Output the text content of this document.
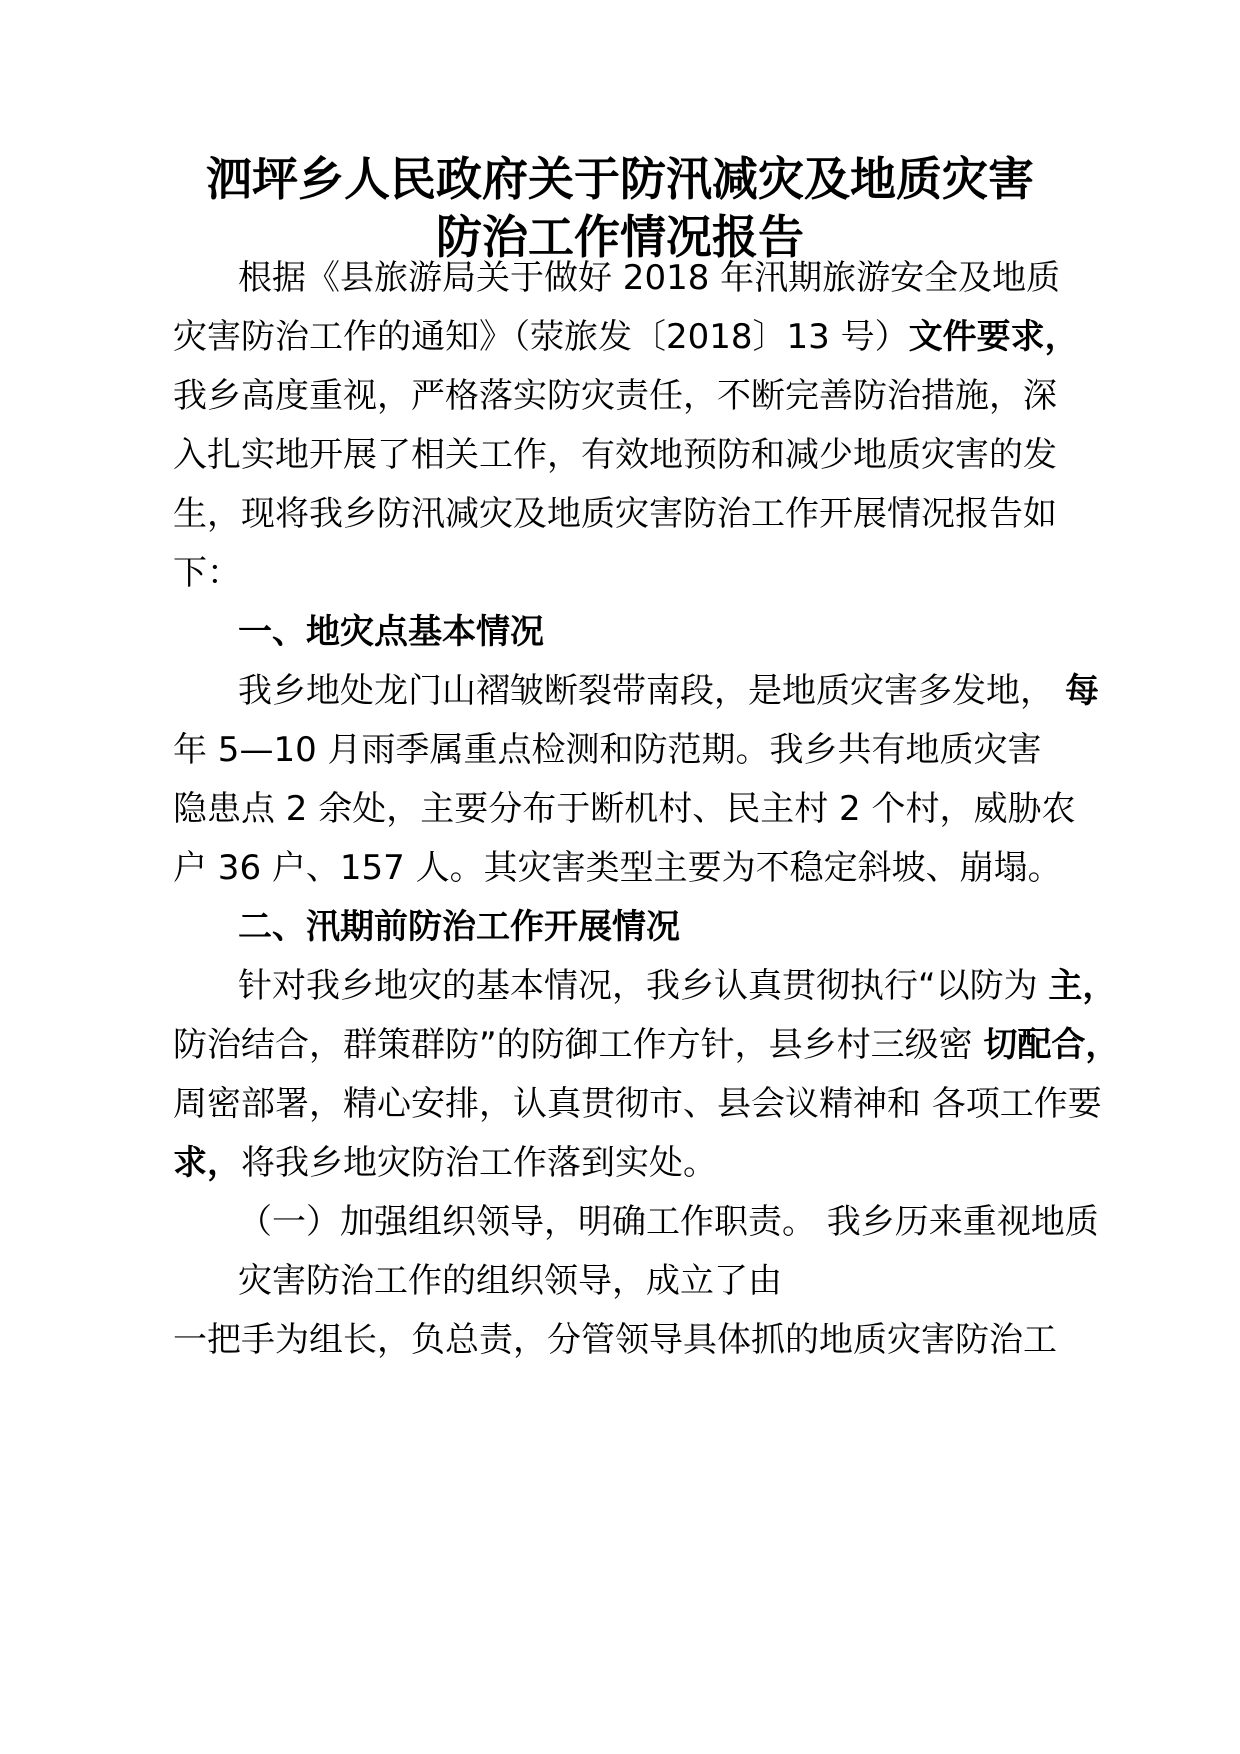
泗坪乡人民政府关于防汛减灾及地质灾害
防治工作情况报告
根据《县旅游局关于做好 2018 年汛期旅游安全及地质
灾害防治工作的通知》（荥旅发〔2018〕13 号）文件要求，
我乡高度重视，严格落实防灾责任，不断完善防治措施，深
入扎实地开展了相关工作，有效地预防和减少地质灾害的发
生，现将我乡防汛减灾及地质灾害防治工作开展情况报告如
下：
一、地灾点基本情况
我乡地处龙门山褶皱断裂带南段，是地质灾害多发地， 每
年 5—10 月雨季属重点检测和防范期。我乡共有地质灾害
隐患点 2 余处，主要分布于断机村、民主村 2 个村，威胁农
户 36 户、157 人。其灾害类型主要为不稳定斜坡、崩塌。
二、汛期前防治工作开展情况
针对我乡地灾的基本情况，我乡认真贯彻执行“以防为 主，
防治结合，群策群防”的防御工作方针，县乡村三级密 切配合，
周密部署，精心安排，认真贯彻市、县会议精神和 各项工作要
求，将我乡地灾防治工作落到实处。
（一）加强组织领导，明确工作职责。 我乡历来重视地质
灾害防治工作的组织领导，成立了由
一把手为组长，负总责，分管领导具体抓的地质灾害防治工
